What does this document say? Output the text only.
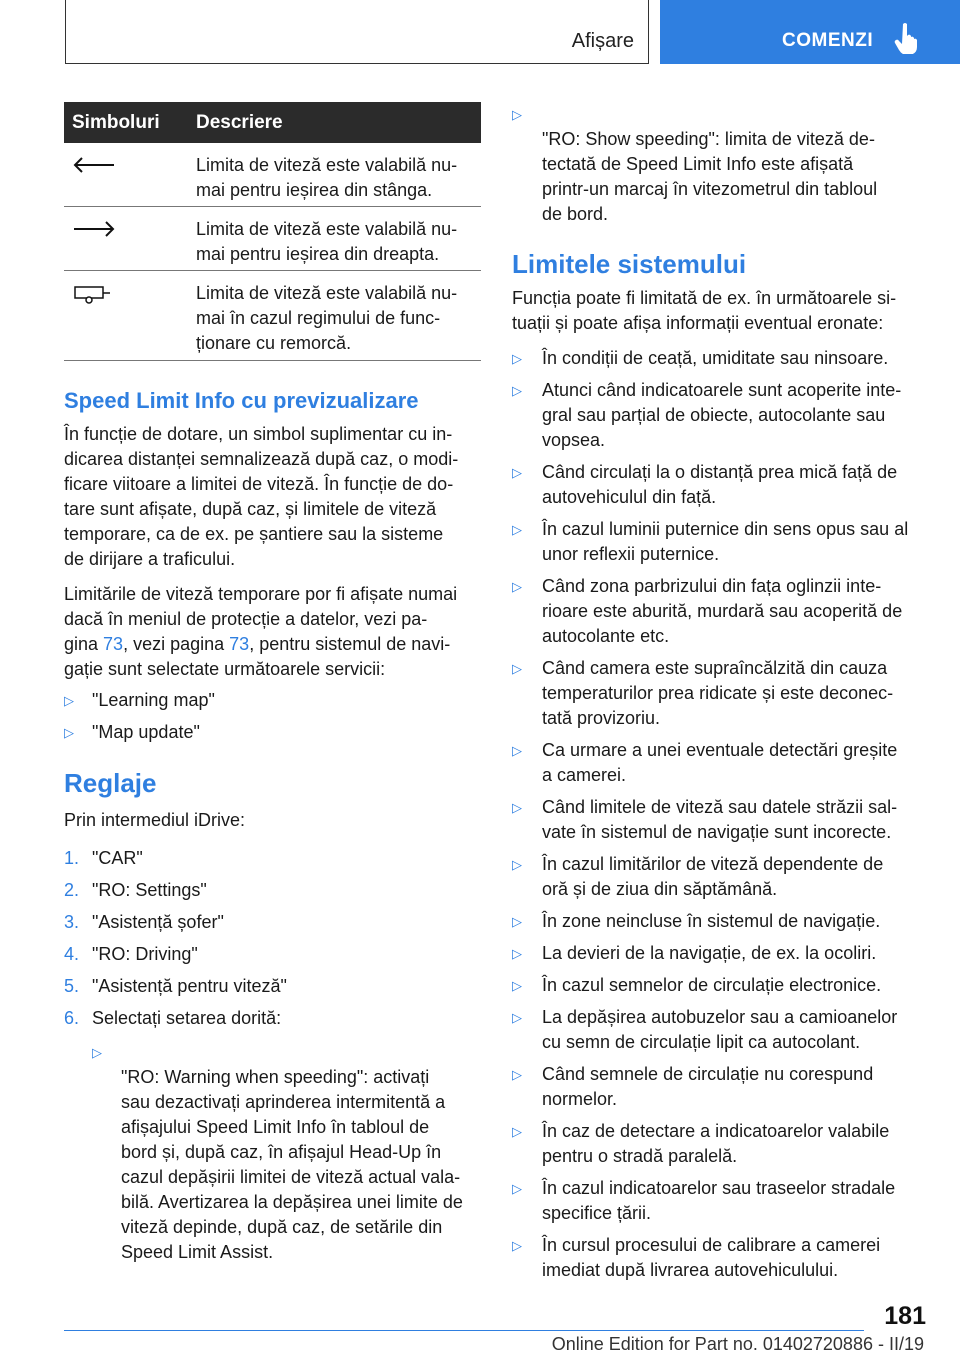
Afișare	COMENZI
Simboluri	Descriere
Limita de viteză este valabilă nu-
mai pentru ieșirea din stânga.
Limita de viteză este valabilă nu-
mai pentru ieșirea din dreapta.
Limita de viteză este valabilă nu-
mai în cazul regimului de func-
ționare cu remorcă.
Speed Limit Info cu previzualizare
În funcție de dotare, un simbol suplimentar cu in-
dicarea distanței semnalizează după caz, o modi-
ficare viitoare a limitei de viteză. În funcție de do-
tare sunt afișate, după caz, și limitele de viteză
temporare, ca de ex. pe șantiere sau la sisteme
de dirijare a traficului.
Limitările de viteză temporare por fi afișate numai
dacă în meniul de protecție a datelor, vezi pa-
gina 73, vezi pagina 73, pentru sistemul de navi-
gație sunt selectate următoarele servicii:
▷ "Learning map"
▷ "Map update"
Reglaje
Prin intermediul iDrive:
1. "CAR"
2. "RO: Settings"
3. "Asistență șofer"
4. "RO: Driving"
5. "Asistență pentru viteză"
6. Selectați setarea dorită:

▷
"RO: Warning when speeding": activați
sau dezactivați aprinderea intermitentă a
afișajului Speed Limit Info în tabloul de
bord și, după caz, în afișajul Head-Up în
cazul depășirii limitei de viteză actual vala-
bilă. Avertizarea la depășirea unei limite de
viteză depinde, după caz, de setările din
Speed Limit Assist.

▷
"RO: Show speeding": limita de viteză de-
tectată de Speed Limit Info este afișată
printr-un marcaj în vitezometrul din tabloul
de bord.

Limitele sistemului
Funcția poate fi limitată de ex. în următoarele si-
tuații și poate afișa informații eventual eronate:
▷ În condiții de ceață, umiditate sau ninsoare.
▷ Atunci când indicatoarele sunt acoperite inte-
gral sau parțial de obiecte, autocolante sau
vopsea.
▷ Când circulați la o distanță prea mică față de
autovehiculul din față.
▷ În cazul luminii puternice din sens opus sau al
unor reflexii puternice.
▷ Când zona parbrizului din fața oglinzii inte-
rioare este aburită, murdară sau acoperită de
autocolante etc.
▷ Când camera este supraîncălzită din cauza
temperaturilor prea ridicate și este deconec-
tată provizoriu.
▷ Ca urmare a unei eventuale detectări greșite
a camerei.
▷ Când limitele de viteză sau datele străzii sal-
vate în sistemul de navigație sunt incorecte.
▷ În cazul limitărilor de viteză dependente de
oră și de ziua din săptămână.
▷ În zone neincluse în sistemul de navigație.
▷ La devieri de la navigație, de ex. la ocoliri.
▷ În cazul semnelor de circulație electronice.
▷ La depășirea autobuzelor sau a camioanelor
cu semn de circulație lipit ca autocolant.
▷ Când semnele de circulație nu corespund
normelor.
▷ În caz de detectare a indicatoarelor valabile
pentru o stradă paralelă.
▷ În cazul indicatoarelor sau traseelor stradale
specifice țării.
▷ În cursul procesului de calibrare a camerei
imediat după livrarea autovehiculului.
181
Online Edition for Part no. 01402720886 - II/19
